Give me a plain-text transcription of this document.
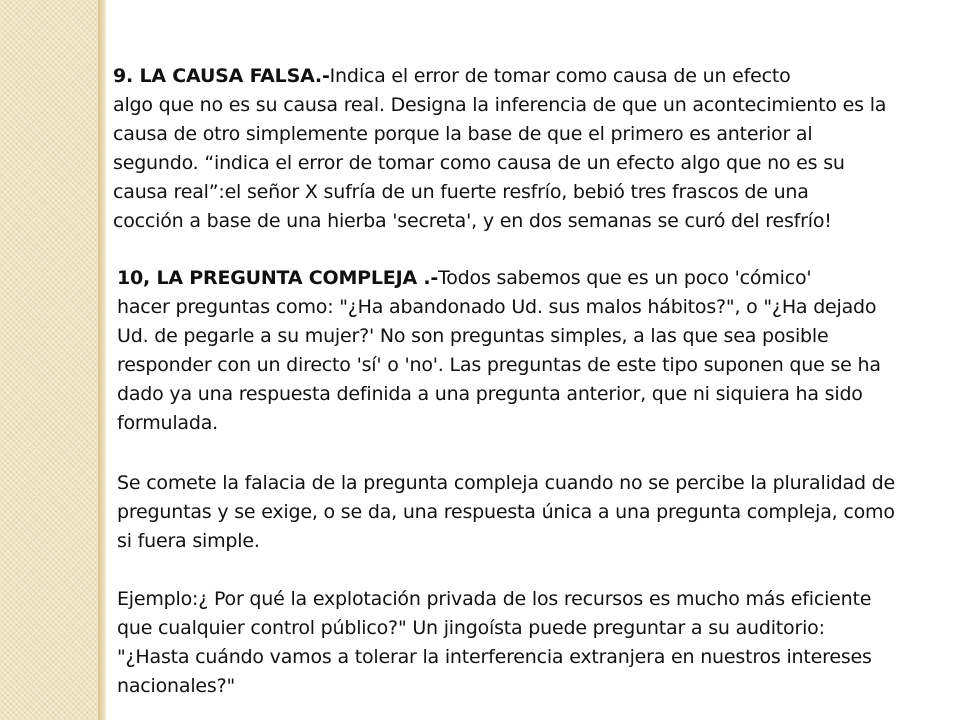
9. LA CAUSA FALSA.-Indica el error de tomar como causa de un efecto
algo que no es su causa real. Designa la inferencia de que un acontecimiento es la
causa de otro simplemente porque la base de que el primero es anterior al
segundo. “indica el error de tomar como causa de un efecto algo que no es su
causa real”:el señor X sufría de un fuerte resfrío, bebió tres frascos de una
cocción a base de una hierba 'secreta', y en dos semanas se curó del resfrío!
10, LA PREGUNTA COMPLEJA .-Todos sabemos que es un poco 'cómico'
hacer preguntas como: "¿Ha abandonado Ud. sus malos hábitos?", o "¿Ha dejado
Ud. de pegarle a su mujer?' No son preguntas simples, a las que sea posible
responder con un directo 'sí' o 'no'. Las preguntas de este tipo suponen que se ha
dado ya una respuesta definida a una pregunta anterior, que ni siquiera ha sido
formulada.
Se comete la falacia de la pregunta compleja cuando no se percibe la pluralidad de
preguntas y se exige, o se da, una respuesta única a una pregunta compleja, como
si fuera simple.
Ejemplo:¿ Por qué la explotación privada de los recursos es mucho más eficiente
que cualquier control público?" Un jingoísta puede preguntar a su auditorio:
"¿Hasta cuándo vamos a tolerar la interferencia extranjera en nuestros intereses
nacionales?"
